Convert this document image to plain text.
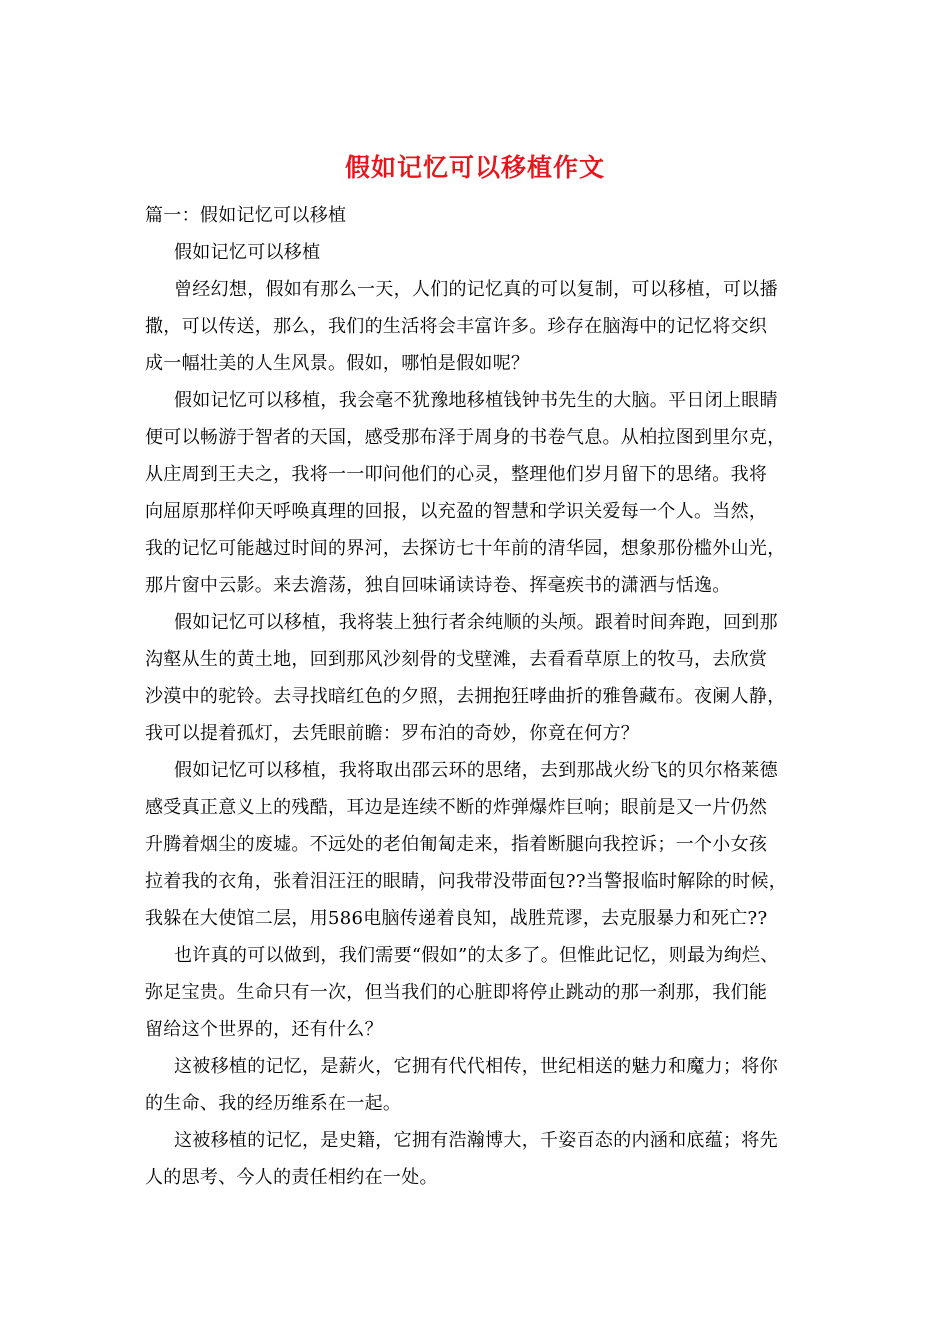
假如记忆可以移植作文
篇一：假如记忆可以移植
假如记忆可以移植
曾经幻想，假如有那么一天，人们的记忆真的可以复制，可以移植，可以播
撒，可以传送，那么，我们的生活将会丰富许多。珍存在脑海中的记忆将交织
成一幅壮美的人生风景。假如，哪怕是假如呢？
假如记忆可以移植，我会毫不犹豫地移植钱钟书先生的大脑。平日闭上眼睛
便可以畅游于智者的天国，感受那布泽于周身的书卷气息。从柏拉图到里尔克，
从庄周到王夫之，我将一一叩问他们的心灵，整理他们岁月留下的思绪。我将
向屈原那样仰天呼唤真理的回报，以充盈的智慧和学识关爱每一个人。当然，
我的记忆可能越过时间的界河，去探访七十年前的清华园，想象那份槛外山光，
那片窗中云影。来去澹荡，独自回味诵读诗卷、挥毫疾书的潇洒与恬逸。
假如记忆可以移植，我将装上独行者余纯顺的头颅。跟着时间奔跑，回到那
沟壑从生的黄土地，回到那风沙刻骨的戈壁滩，去看看草原上的牧马，去欣赏
沙漠中的驼铃。去寻找暗红色的夕照，去拥抱狂哮曲折的雅鲁藏布。夜阑人静，
我可以提着孤灯，去凭眼前瞻：罗布泊的奇妙，你竟在何方？
假如记忆可以移植，我将取出邵云环的思绪，去到那战火纷飞的贝尔格莱德
感受真正意义上的残酷，耳边是连续不断的炸弹爆炸巨响；眼前是又一片仍然
升腾着烟尘的废墟。不远处的老伯匍匐走来，指着断腿向我控诉；一个小女孩
拉着我的衣角，张着泪汪汪的眼睛，问我带没带面包??当警报临时解除的时候，
我躲在大使馆二层，用586电脑传递着良知，战胜荒谬，去克服暴力和死亡??
也许真的可以做到，我们需要“假如”的太多了。但惟此记忆，则最为绚烂、
弥足宝贵。生命只有一次，但当我们的心脏即将停止跳动的那一刹那，我们能
留给这个世界的，还有什么？
这被移植的记忆，是薪火，它拥有代代相传，世纪相送的魅力和魔力；将你
的生命、我的经历维系在一起。
这被移植的记忆，是史籍，它拥有浩瀚博大，千姿百态的内涵和底蕴；将先
人的思考、今人的责任相约在一处。
